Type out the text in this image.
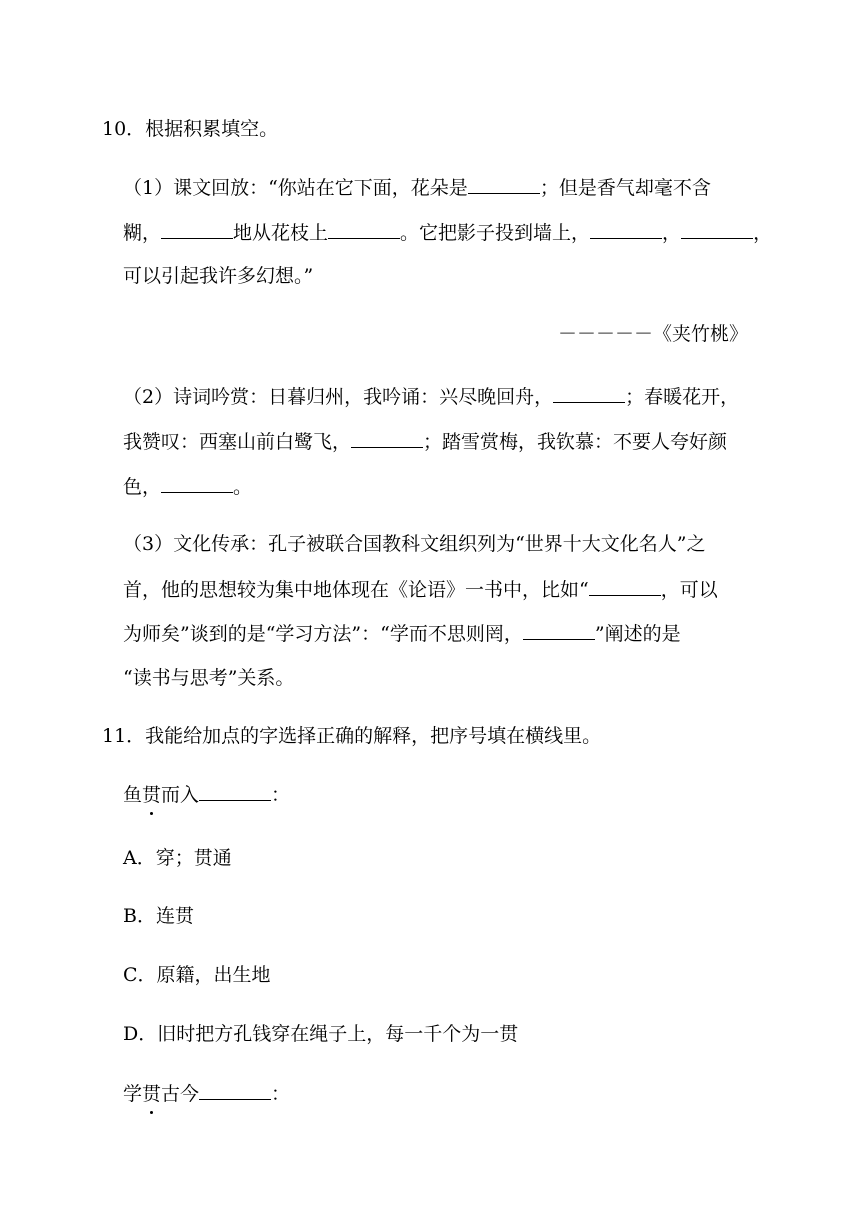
10．根据积累填空。
（1）课文回放：“你站在它下面，花朵是	；但是香气却毫不含
糊，	地从花枝上	。它把影子投到墙上，	，	，
可以引起我许多幻想。”
－－－－－《夹竹桃》
（2）诗词吟赏：日暮归州，我吟诵：兴尽晚回舟，	；春暖花开，
我赞叹：西塞山前白鹭飞，	；踏雪赏梅，我钦慕：不要人夸好颜
色，	。
（3）文化传承：孔子被联合国教科文组织列为“世界十大文化名人”之
首，他的思想较为集中地体现在《论语》一书中，比如“	，可以
为师矣”谈到的是“学习方法”：“学而不思则罔，	”阐述的是
“读书与思考”关系。
11．我能给加点的字选择正确的解释，把序号填在横线里。
鱼贯而入	：
A．穿；贯通
B．连贯
C．原籍，出生地
D．旧时把方孔钱穿在绳子上，每一千个为一贯
学贯古今	：
